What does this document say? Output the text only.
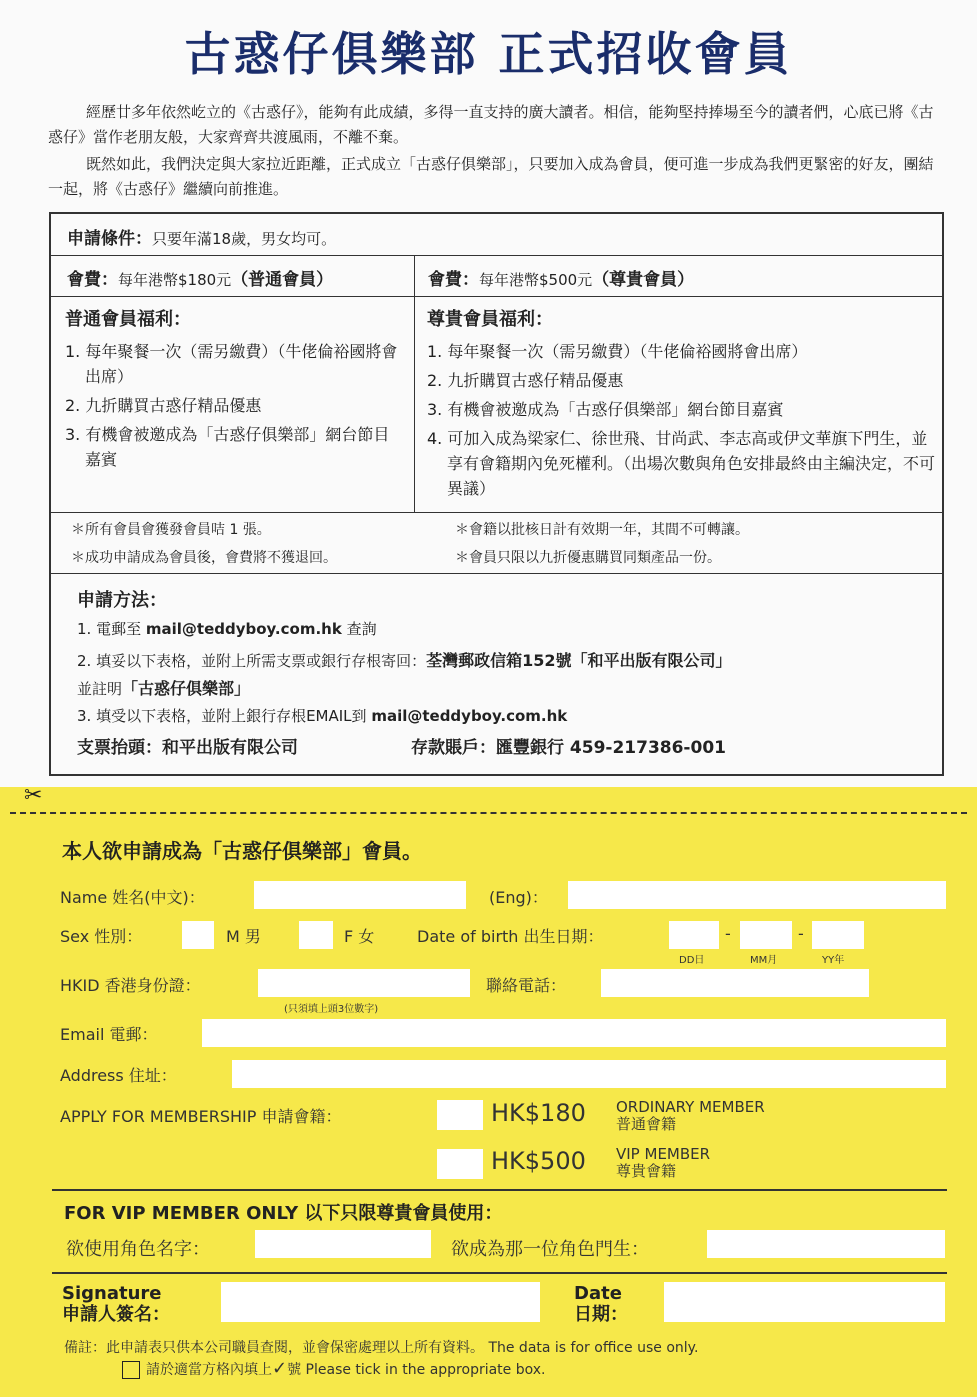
古惑仔俱樂部 正式招收會員
經歷廿多年依然屹立的《古惑仔》，能夠有此成績，多得一直支持的廣大讀者。相信，能夠堅持捧場至今的讀者們，心底已將《古惑仔》當作老朋友般，大家齊齊共渡風雨，不離不棄。
既然如此，我們決定與大家拉近距離，正式成立「古惑仔俱樂部」，只要加入成為會員，便可進一步成為我們更緊密的好友，團結一起，將《古惑仔》繼續向前推進。
申請條件：只要年滿18歲，男女均可。
會費：每年港幣$180元（普通會員）	會費：每年港幣$500元（尊貴會員）
普通會員福利：
1. 每年聚餐一次（需另繳費）（牛佬倫裕國將會出席）
2. 九折購買古惑仔精品優惠
3. 有機會被邀成為「古惑仔俱樂部」網台節目嘉賓
尊貴會員福利：
1. 每年聚餐一次（需另繳費）（牛佬倫裕國將會出席）
2. 九折購買古惑仔精品優惠
3. 有機會被邀成為「古惑仔俱樂部」網台節目嘉賓
4. 可加入成為梁家仁、徐世飛、甘尚武、李志高或伊文華旗下門生，並享有會籍期內免死權利。（出場次數與角色安排最終由主編決定，不可異議）
＊所有會員會獲發會員咭 1 張。	＊會籍以批核日計有效期一年，其間不可轉讓。
＊成功申請成為會員後，會費將不獲退回。	＊會員只限以九折優惠購買同類產品一份。
申請方法：
1. 電郵至 mail@teddyboy.com.hk 查詢
2. 填妥以下表格，並附上所需支票或銀行存根寄回：荃灣郵政信箱152號「和平出版有限公司」
並註明「古惑仔俱樂部」
3. 填受以下表格，並附上銀行存根EMAIL到 mail@teddyboy.com.hk
支票抬頭：和平出版有限公司	存款賬戶：匯豐銀行 459-217386-001
✂
本人欲申請成為「古惑仔俱樂部」會員。
Name 姓名(中文)：	(Eng)：
Sex 性別：	M 男	F 女	Date of birth 出生日期：	-	-
DD日	MM月	YY年
HKID 香港身份證：
(只須填上頭3位數字)
聯絡電話：
Email 電郵：
Address 住址：
APPLY FOR MEMBERSHIP 申請會籍：	HK$180 ORDINARY MEMBER
普通會籍
HK$500 VIP MEMBER
尊貴會籍
FOR VIP MEMBER ONLY 以下只限尊貴會員使用：
欲使用角色名字：	欲成為那一位角色門生：
Signature
申請人簽名：
Date
日期：
備註：此申請表只供本公司職員查閱，並會保密處理以上所有資料。 The data is for office use only.
請於適當方格內填上✓號 Please tick in the appropriate box.
